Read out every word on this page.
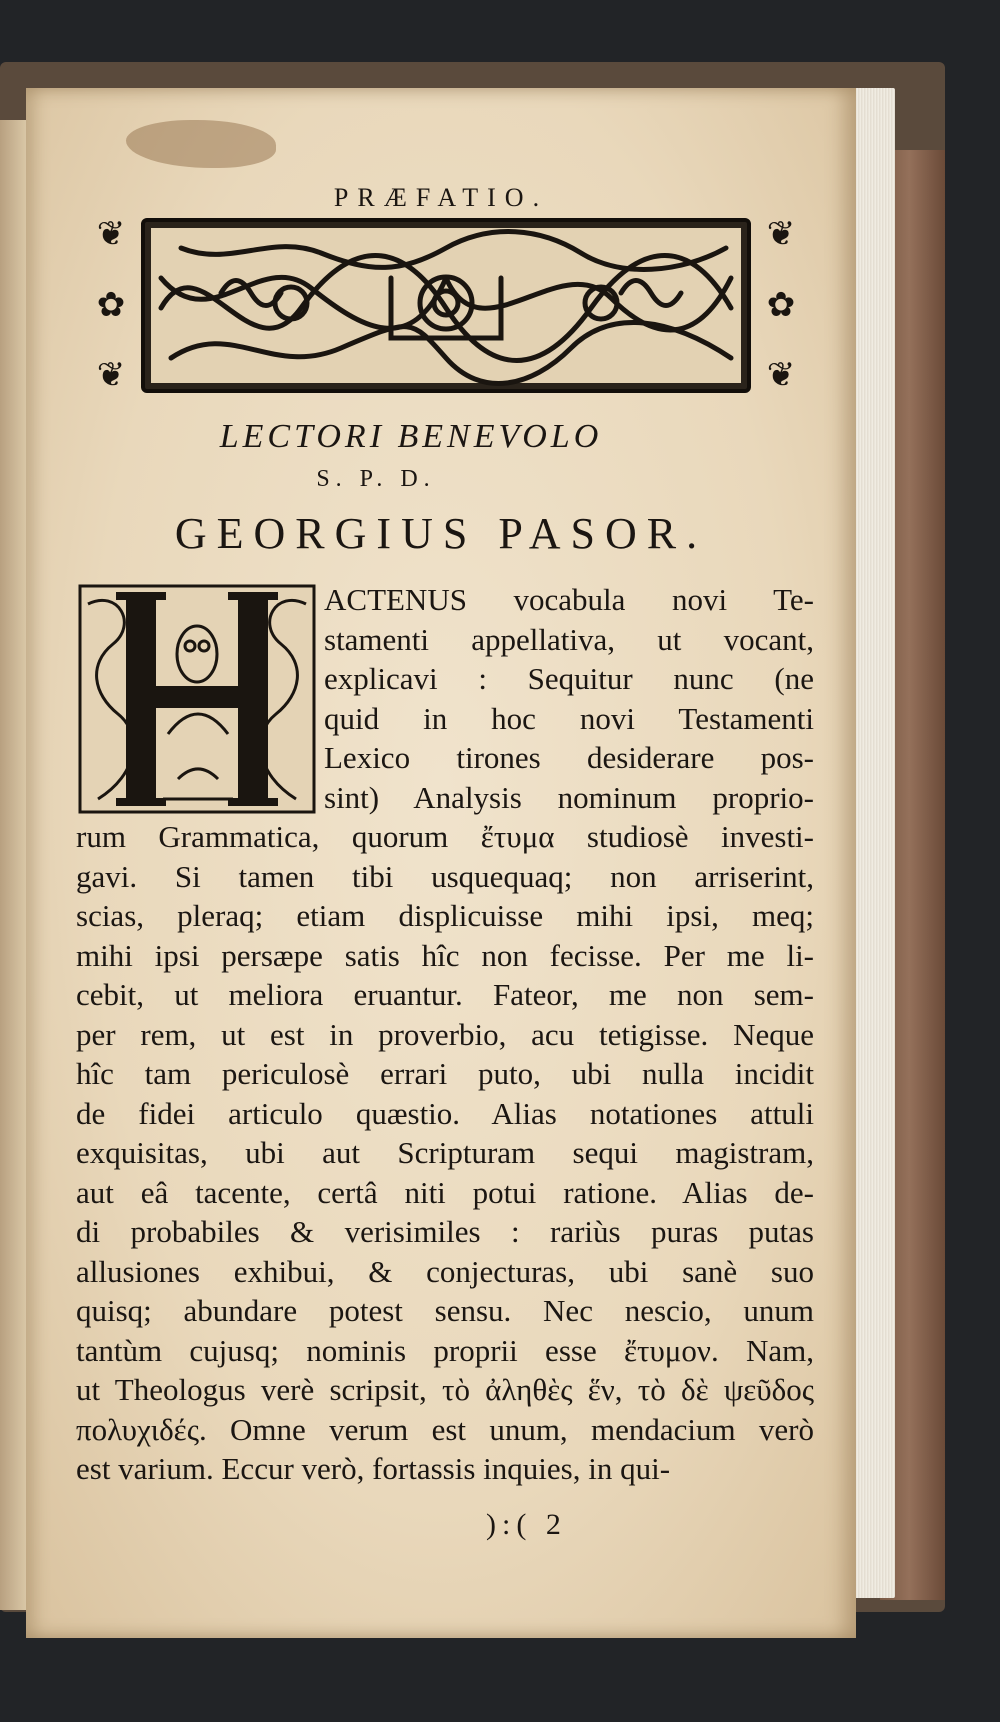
PRÆFATIO.
❦
✿
❦
❦
✿
❦
LECTORI BENEVOLO
S. P. D.
GEORGIUS PASOR.
ACTENUS vocabula novi Te-
stamenti appellativa, ut vocant,
explicavi : Sequitur nunc (ne
quid in hoc novi Testamenti
Lexico tirones desiderare pos-
sint) Analysis nominum proprio-
rum Grammatica, quorum ἔτυμα studiosè investi-
gavi. Si tamen tibi usquequaq; non arriserint,
scias, pleraq; etiam displicuisse mihi ipsi, meq;
mihi ipsi persæpe satis hîc non fecisse. Per me li-
cebit, ut meliora eruantur. Fateor, me non sem-
per rem, ut est in proverbio, acu tetigisse. Neque
hîc tam periculosè errari puto, ubi nulla incidit
de fidei articulo quæstio. Alias notationes attuli
exquisitas, ubi aut Scripturam sequi magistram,
aut eâ tacente, certâ niti potui ratione. Alias de-
di probabiles & verisimiles : rariùs puras putas
allusiones exhibui, & conjecturas, ubi sanè suo
quisq; abundare potest sensu. Nec nescio, unum
tantùm cujusq; nominis proprii esse ἔτυμον. Nam,
ut Theologus verè scripsit, τὸ ἀληθὲς ἕν, τὸ δὲ ψεῦδος
πολυχιδές. Omne verum est unum, mendacium verò
est varium. Eccur verò, fortassis inquies, in qui-
):( 2
